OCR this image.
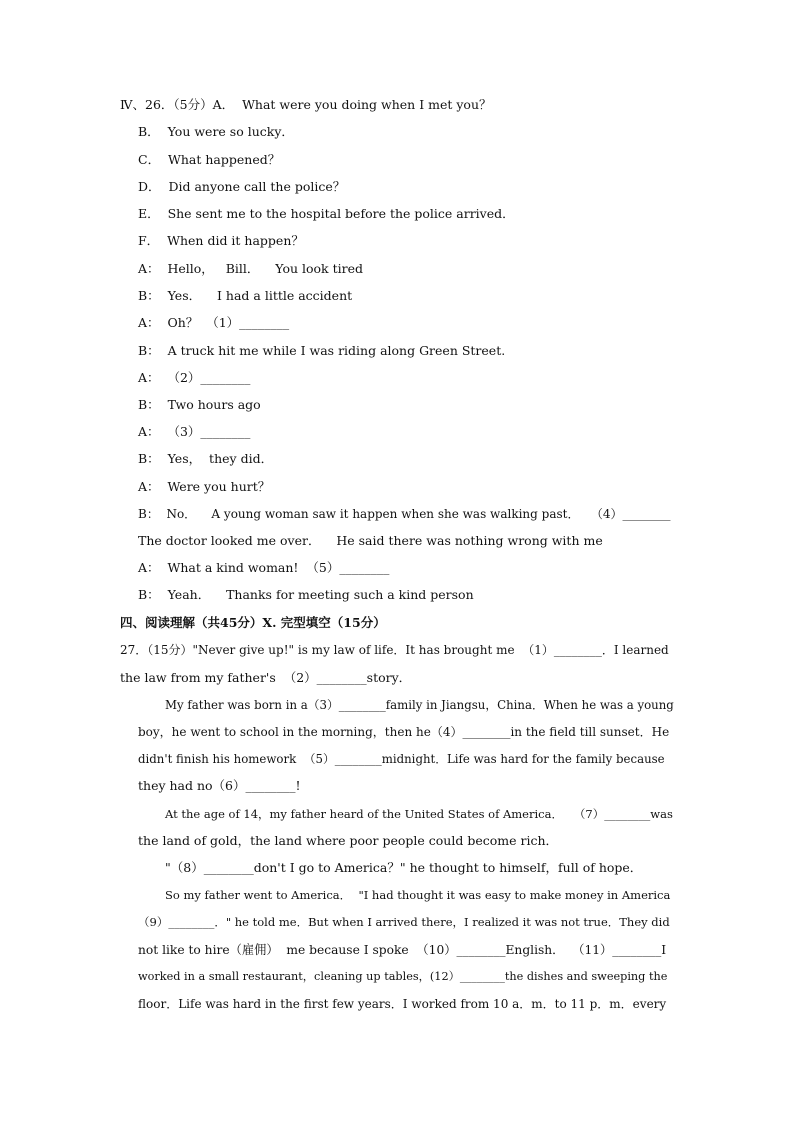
Ⅳ、26．（5分）A．  What were you doing when I met you？
B．  You were so lucky．
C．  What happened？
D．  Did anyone call the police？
E．  She sent me to the hospital before the police arrived．
F．  When did it happen？
A：  Hello，   Bill．    You look tired
B：  Yes．    I had a little accident
A：  Oh？  （1）________
B：  A truck hit me while I was riding along Green Street.
A：  （2）________
B：  Two hours ago
A：  （3）________
B：  Yes，  they did．
A：  Were you hurt？
B：  No．    A young woman saw it happen when she was walking past．   （4）________
The doctor looked me over．    He said there was nothing wrong with me
A：  What a kind woman!  （5）________
B：  Yeah．    Thanks for meeting such a kind person
四、阅读理解（共45分）X. 完型填空（15分）
27．（15分）"Never give up!" is my law of life．It has brought me  （1）________．I learned
the law from my father's  （2）________story．
My father was born in a（3）________family in Jiangsu，China．When he was a young
boy，he went to school in the morning，then he（4）________in the field till sunset．He
didn't finish his homework  （5）________midnight．Life was hard for the family because
they had no（6）________!
At the age of 14，my father heard of the United States of America．   （7）________was
the land of gold，the land where poor people could become rich．
"（8）________don't I go to America？" he thought to himself，full of hope．
So my father went to America．  "I had thought it was easy to make money in America
（9）________．" he told me．But when I arrived there，I realized it was not true．They did
not like to hire（雇佣）  me because I spoke  （10）________English．  （11）________I
worked in a small restaurant，cleaning up tables，(12）________the dishes and sweeping the
floor．Life was hard in the first few years．I worked from 10 a．m．to 11 p．m．every
